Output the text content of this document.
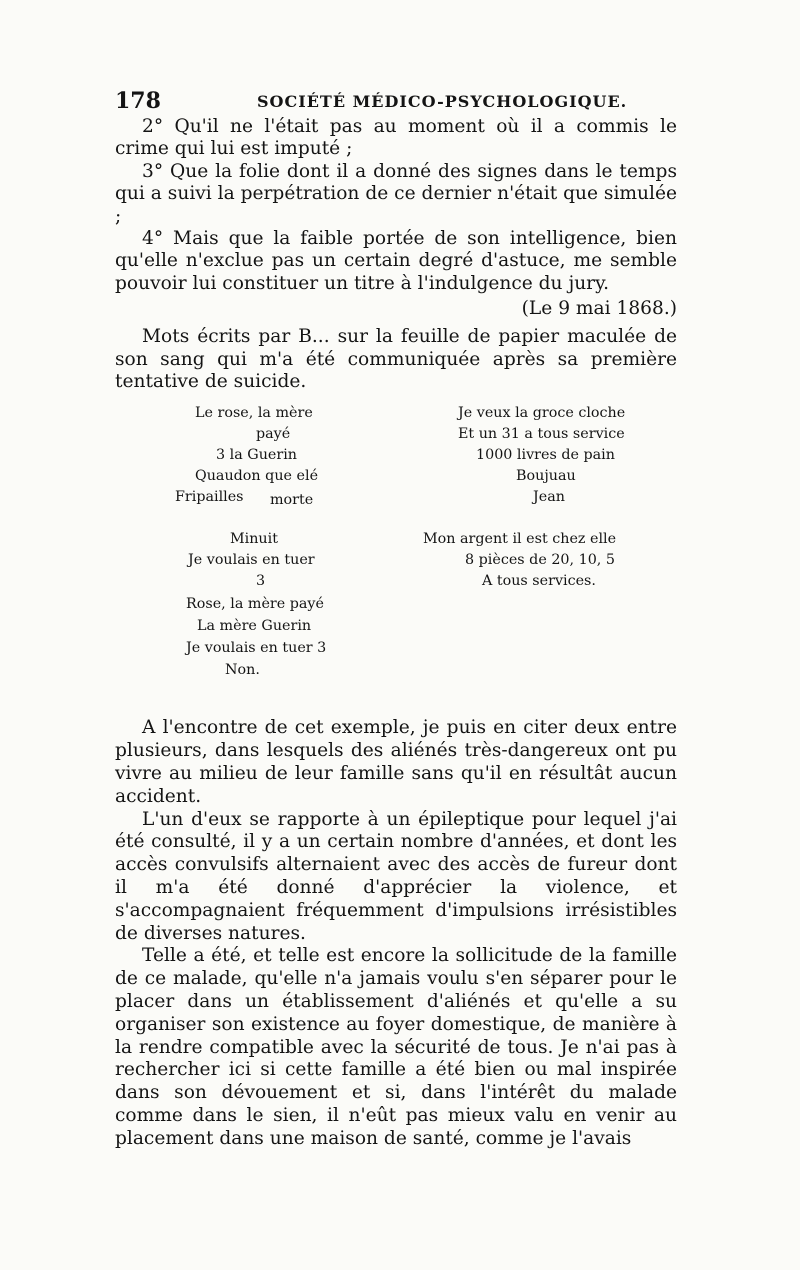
178	SOCIÉTÉ MÉDICO-PSYCHOLOGIQUE.

2° Qu'il ne l'était pas au moment où il a commis le crime qui lui est imputé ;

3° Que la folie dont il a donné des signes dans le temps qui a suivi la perpétration de ce dernier n'était que simulée ;

4° Mais que la faible portée de son intelligence, bien qu'elle n'exclue pas un certain degré d'astuce, me semble pouvoir lui constituer un titre à l'indulgence du jury.

(Le 9 mai 1868.)

Mots écrits par B... sur la feuille de papier maculée de son sang qui m'a été communiquée après sa première tentative de suicide.

Le rose, la mère
payé
3 la Guerin
Quaudon que elé
Fripailles morte
Je veux la groce cloche
Et un 31 a tous service
1000 livres de pain
Boujuau
Jean
Minuit
Je voulais en tuer
3
Mon argent il est chez elle
8 pièces de 20, 10, 5
A tous services.
Rose, la mère payé
La mère Guerin
Je voulais en tuer 3
Non.

A l'encontre de cet exemple, je puis en citer deux entre plusieurs, dans lesquels des aliénés très-dangereux ont pu vivre au milieu de leur famille sans qu'il en résultât aucun accident.

L'un d'eux se rapporte à un épileptique pour lequel j'ai été consulté, il y a un certain nombre d'années, et dont les accès convulsifs alternaient avec des accès de fureur dont il m'a été donné d'apprécier la violence, et s'accompagnaient fréquemment d'impulsions irrésistibles de diverses natures.

Telle a été, et telle est encore la sollicitude de la famille de ce malade, qu'elle n'a jamais voulu s'en séparer pour le placer dans un établissement d'aliénés et qu'elle a su organiser son existence au foyer domestique, de manière à la rendre compatible avec la sécurité de tous. Je n'ai pas à rechercher ici si cette famille a été bien ou mal inspirée dans son dévouement et si, dans l'intérêt du malade comme dans le sien, il n'eût pas mieux valu en venir au placement dans une maison de santé, comme je l'avais
